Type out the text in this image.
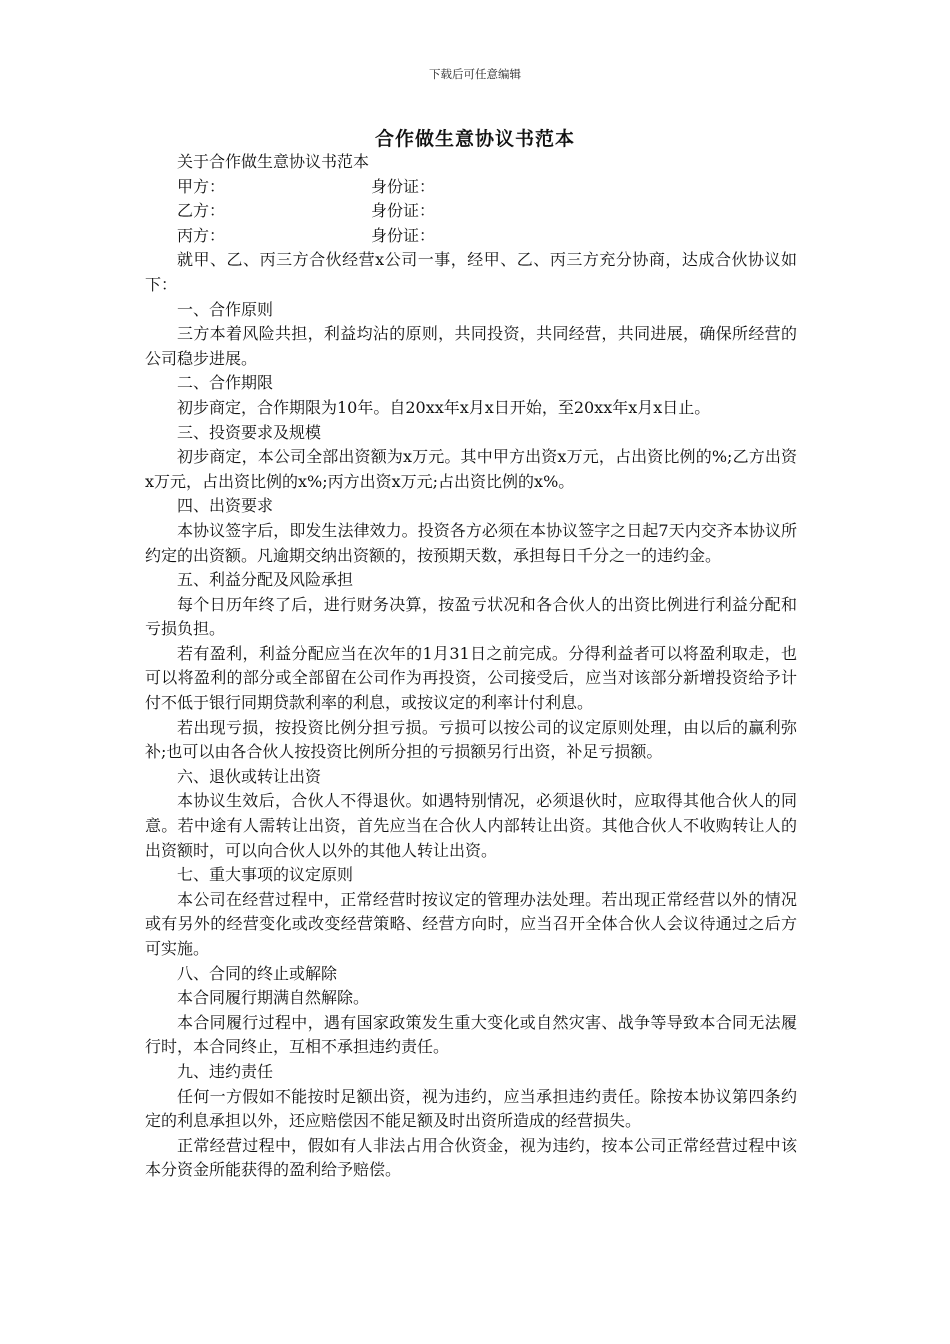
下载后可任意编辑
合作做生意协议书范本

关于合作做生意协议书范本

甲方：	身份证：
乙方：	身份证：
丙方：	身份证：

就甲、乙、丙三方合伙经营x公司一事，经甲、乙、丙三方充分协商，达成合伙协议如下：

一、合作原则

三方本着风险共担，利益均沾的原则，共同投资，共同经营，共同进展，确保所经营的公司稳步进展。

二、合作期限

初步商定，合作期限为10年。自20xx年x月x日开始，至20xx年x月x日止。

三、投资要求及规模

初步商定，本公司全部出资额为x万元。其中甲方出资x万元，占出资比例的%;乙方出资x万元，占出资比例的x%;丙方出资x万元;占出资比例的x%。

四、出资要求

本协议签字后，即发生法律效力。投资各方必须在本协议签字之日起7天内交齐本协议所约定的出资额。凡逾期交纳出资额的，按预期天数，承担每日千分之一的违约金。

五、利益分配及风险承担

每个日历年终了后，进行财务决算，按盈亏状况和各合伙人的出资比例进行利益分配和亏损负担。

若有盈利，利益分配应当在次年的1月31日之前完成。分得利益者可以将盈利取走，也可以将盈利的部分或全部留在公司作为再投资，公司接受后，应当对该部分新增投资给予计付不低于银行同期贷款利率的利息，或按议定的利率计付利息。

若出现亏损，按投资比例分担亏损。亏损可以按公司的议定原则处理，由以后的赢利弥补;也可以由各合伙人按投资比例所分担的亏损额另行出资，补足亏损额。

六、退伙或转让出资

本协议生效后，合伙人不得退伙。如遇特别情况，必须退伙时，应取得其他合伙人的同意。若中途有人需转让出资，首先应当在合伙人内部转让出资。其他合伙人不收购转让人的出资额时，可以向合伙人以外的其他人转让出资。

七、重大事项的议定原则

本公司在经营过程中，正常经营时按议定的管理办法处理。若出现正常经营以外的情况或有另外的经营变化或改变经营策略、经营方向时，应当召开全体合伙人会议待通过之后方可实施。

八、合同的终止或解除

本合同履行期满自然解除。

本合同履行过程中，遇有国家政策发生重大变化或自然灾害、战争等导致本合同无法履行时，本合同终止，互相不承担违约责任。

九、违约责任

任何一方假如不能按时足额出资，视为违约，应当承担违约责任。除按本协议第四条约定的利息承担以外，还应赔偿因不能足额及时出资所造成的经营损失。

正常经营过程中，假如有人非法占用合伙资金，视为违约，按本公司正常经营过程中该本分资金所能获得的盈利给予赔偿。
